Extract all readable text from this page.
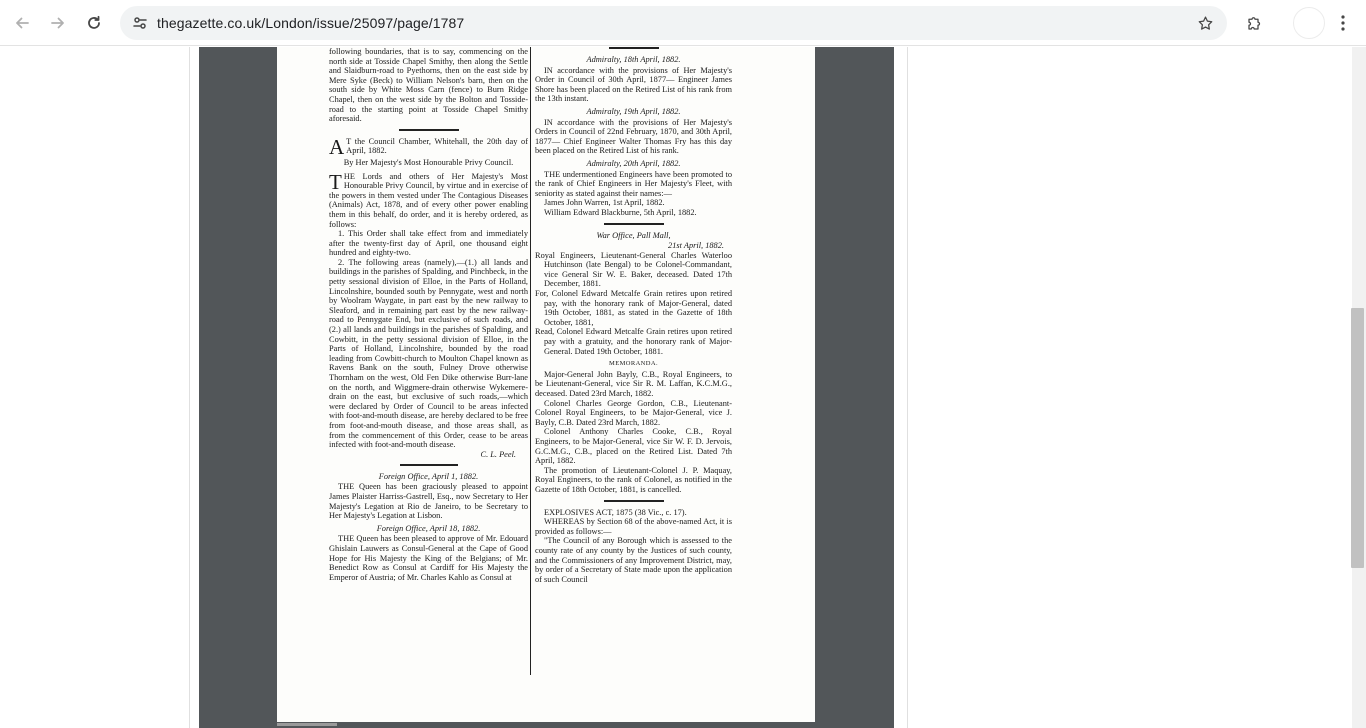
thegazette.co.uk/London/issue/25097/page/1787

following boundaries, that is to say, commencing on the north side at Tosside Chapel Smithy, then along the Settle and Slaidburn-road to Pyethorns, then on the east side by Mere Syke (Beck) to William Nelson's barn, then on the south side by White Moss Carn (fence) to Burn Ridge Chapel, then on the west side by the Bolton and Tosside-road to the starting point at Tosside Chapel Smithy aforesaid.

A T the Council Chamber, Whitehall, the 20th day of April, 1882.

By Her Majesty's Most Honourable Privy Council.

THE Lords and others of Her Majesty's Most Honourable Privy Council, by virtue and in exercise of the powers in them vested under The Contagious Diseases (Animals) Act, 1878, and of every other power enabling them in this behalf, do order, and it is hereby ordered, as follows:

1. This Order shall take effect from and immediately after the twenty-first day of April, one thousand eight hundred and eighty-two.

2. The following areas (namely),—(1.) all lands and buildings in the parishes of Spalding, and Pinchbeck, in the petty sessional division of Elloe, in the Parts of Holland, Lincolnshire, bounded south by Pennygate, west and north by Woolram Waygate, in part east by the new railway to Sleaford, and in remaining part east by the new railway-road to Pennygate End, but exclusive of such roads, and (2.) all lands and buildings in the parishes of Spalding, and Cowbitt, in the petty sessional division of Elloe, in the Parts of Holland, Lincolnshire, bounded by the road leading from Cowbitt-church to Moulton Chapel known as Ravens Bank on the south, Fulney Drove otherwise Thornham on the west, Old Fen Dike otherwise Burr-lane on the north, and Wiggmere-drain otherwise Wykemere-drain on the east, but exclusive of such roads,—which were declared by Order of Council to be areas infected with foot-and-mouth disease, are hereby declared to be free from foot-and-mouth disease, and those areas shall, as from the commencement of this Order, cease to be areas infected with foot-and-mouth disease.

C. L. Peel.

Foreign Office, April 1, 1882.

THE Queen has been graciously pleased to appoint James Plaister Harriss-Gastrell, Esq., now Secretary to Her Majesty's Legation at Rio de Janeiro, to be Secretary to Her Majesty's Legation at Lisbon.

Foreign Office, April 18, 1882.

THE Queen has been pleased to approve of Mr. Edouard Ghislain Lauwers as Consul-General at the Cape of Good Hope for His Majesty the King of the Belgians; of Mr. Benedict Row as Consul at Cardiff for His Majesty the Emperor of Austria; of Mr. Charles Kahlo as Consul at

Admiralty, 18th April, 1882.

IN accordance with the provisions of Her Majesty's Order in Council of 30th April, 1877— Engineer James Shore has been placed on the Retired List of his rank from the 13th instant.

Admiralty, 19th April, 1882.

IN accordance with the provisions of Her Majesty's Orders in Council of 22nd February, 1870, and 30th April, 1877— Chief Engineer Walter Thomas Fry has this day been placed on the Retired List of his rank.

Admiralty, 20th April, 1882.

THE undermentioned Engineers have been promoted to the rank of Chief Engineers in Her Majesty's Fleet, with seniority as stated against their names:—

James John Warren, 1st April, 1882.

William Edward Blackburne, 5th April, 1882.

War Office, Pall Mall,

21st April, 1882.

Royal Engineers, Lieutenant-General Charles Waterloo Hutchinson (late Bengal) to be Colonel-Commandant, vice General Sir W. E. Baker, deceased. Dated 17th December, 1881.

For, Colonel Edward Metcalfe Grain retires upon retired pay, with the honorary rank of Major-General, dated 19th October, 1881, as stated in the Gazette of 18th October, 1881,

Read, Colonel Edward Metcalfe Grain retires upon retired pay with a gratuity, and the honorary rank of Major-General. Dated 19th October, 1881.

MEMORANDA.

Major-General John Bayly, C.B., Royal Engineers, to be Lieutenant-General, vice Sir R. M. Laffan, K.C.M.G., deceased. Dated 23rd March, 1882.

Colonel Charles George Gordon, C.B., Lieutenant-Colonel Royal Engineers, to be Major-General, vice J. Bayly, C.B. Dated 23rd March, 1882.

Colonel Anthony Charles Cooke, C.B., Royal Engineers, to be Major-General, vice Sir W. F. D. Jervois, G.C.M.G., C.B., placed on the Retired List. Dated 7th April, 1882.

The promotion of Lieutenant-Colonel J. P. Maquay, Royal Engineers, to the rank of Colonel, as notified in the Gazette of 18th October, 1881, is cancelled.

EXPLOSIVES ACT, 1875 (38 Vic., c. 17).

WHEREAS by Section 68 of the above-named Act, it is provided as follows:—

"The Council of any Borough which is assessed to the county rate of any county by the Justices of such county, and the Commissioners of any Improvement District, may, by order of a Secretary of State made upon the application of such Council
